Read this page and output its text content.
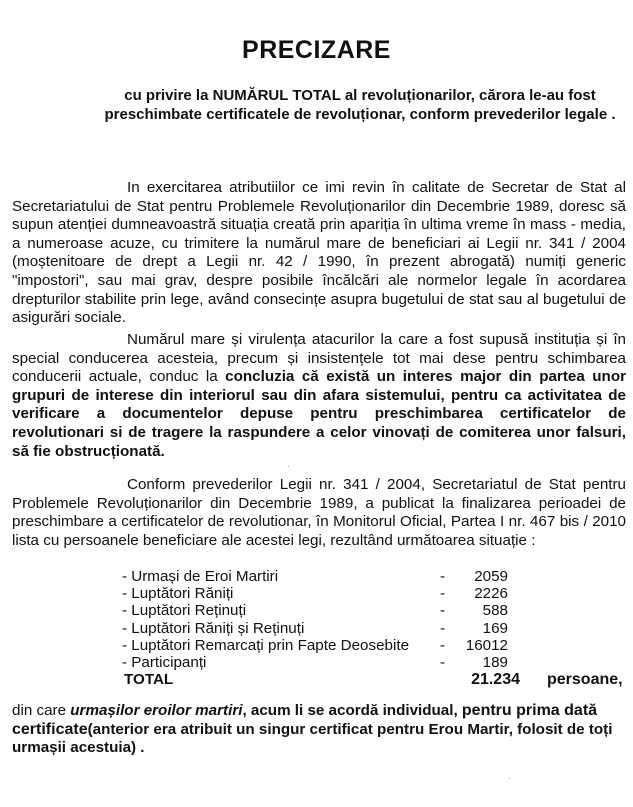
PRECIZARE
cu privire la NUMĂRUL TOTAL al revoluționarilor, cărora le-au fost preschimbate certificatele de revoluționar, conform prevederilor legale .
In exercitarea atributiilor ce imi revin în calitate de Secretar de Stat al Secretariatului de Stat pentru Problemele Revoluționarilor din Decembrie 1989, doresc să supun atenției dumneavoastră situația creată prin apariția în ultima vreme în mass - media, a numeroase acuze, cu trimitere la numărul mare de beneficiari ai Legii nr. 341 / 2004 (moștenitoare de drept a Legii nr. 42 / 1990, în prezent abrogată) numiți generic "impostori", sau mai grav, despre posibile încălcări ale normelor legale în acordarea drepturilor stabilite prin lege, având consecințe asupra bugetului de stat sau al bugetului de asigurări sociale.
Numărul mare și virulența atacurilor la care a fost supusă instituția și în special conducerea acesteia, precum și insistențele tot mai dese pentru schimbarea conducerii actuale, conduc la concluzia că există un interes major din partea unor grupuri de interese din interiorul sau din afara sistemului, pentru ca activitatea de verificare a documentelor depuse pentru preschimbarea certificatelor de revolutionari si de tragere la raspundere a celor vinovați de comiterea unor falsuri, să fie obstrucționată.
Conform prevederilor Legii nr. 341 / 2004, Secretariatul de Stat pentru Problemele Revoluționarilor din Decembrie 1989, a publicat la finalizarea perioadei de preschimbare a certificatelor de revolutionar, în Monitorul Oficial, Partea I nr. 467 bis / 2010 lista cu persoanele beneficiare ale acestei legi, rezultând următoarea situație :
- Urmași de Eroi Martiri	- 2059
- Luptători Răniți	- 2226
- Luptători Reținuți	- 588
- Luptători Răniți și Reținuți	- 169
- Luptători Remarcați prin Fapte Deosebite - 16012
- Participanți	- 189
TOTAL	21.234 persoane,
din care urmașilor eroilor martiri, acum li se acordă individual, pentru prima dată certificate(anterior era atribuit un singur certificat pentru Erou Martir, folosit de toți urmașii acestuia) .
·
·
